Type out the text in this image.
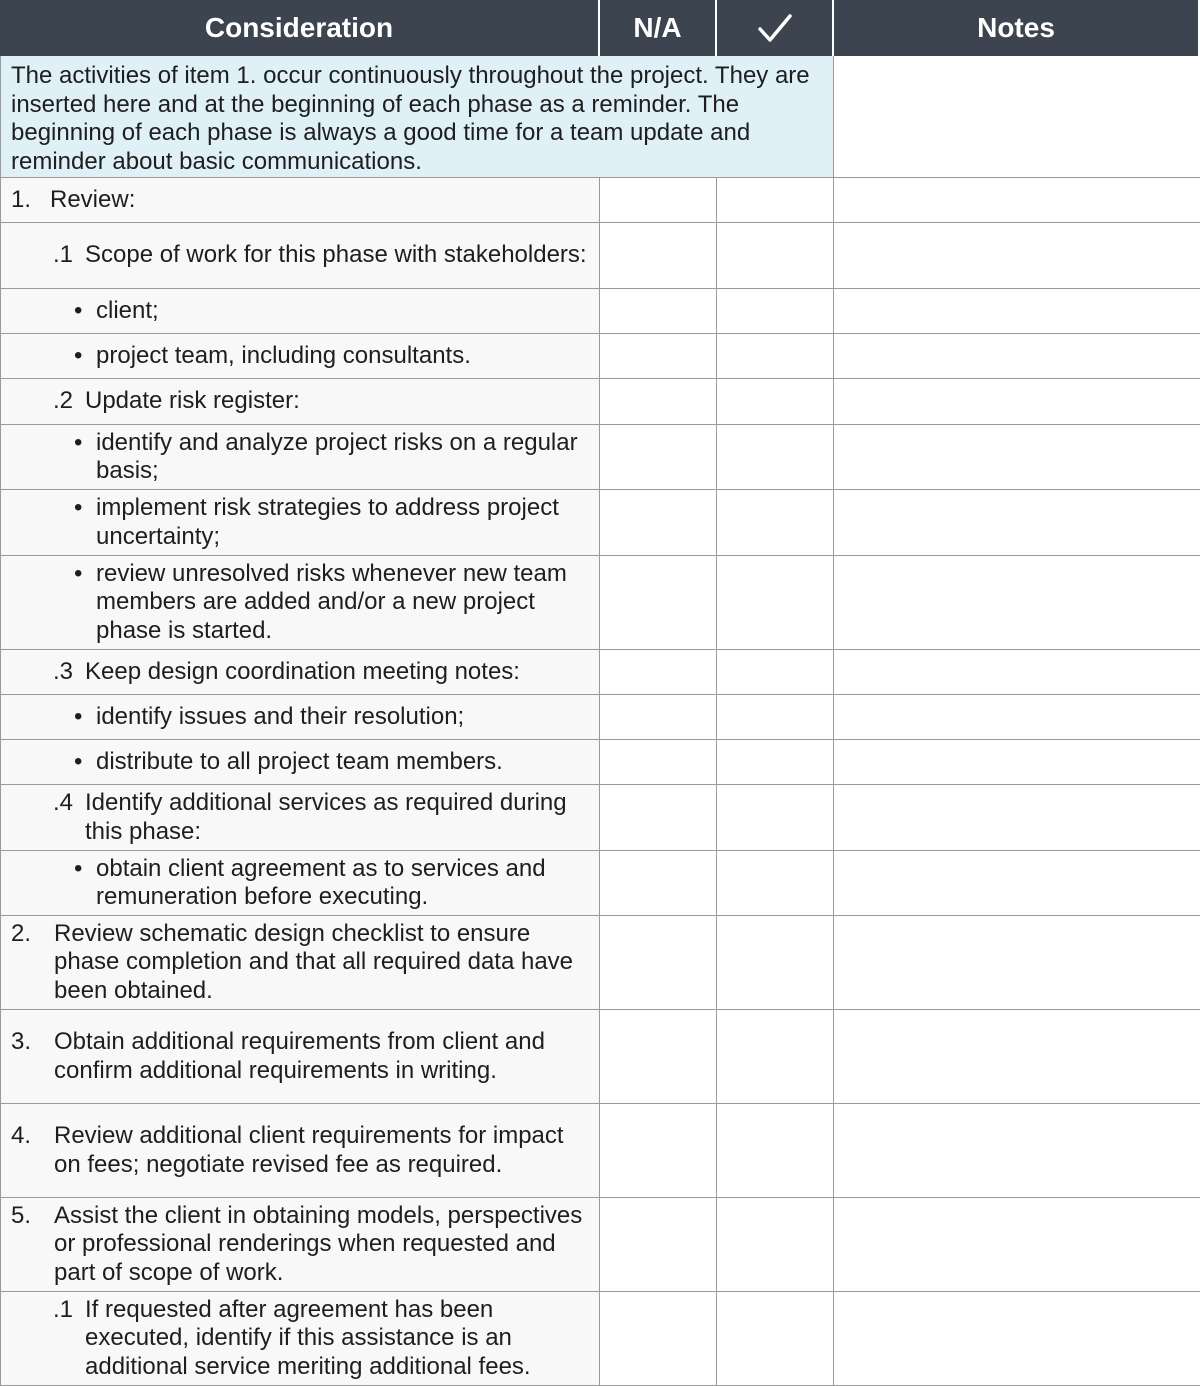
Consideration	N/A	Notes
The activities of item 1. occur continuously throughout the project. They are inserted here and at the beginning of each phase as a reminder. The beginning of each phase is always a good time for a team update and reminder about basic communications.
1. Review:
.1 Scope of work for this phase with stakeholders:
• client;
• project team, including consultants.
.2 Update risk register:
• identify and analyze project risks on a regular basis;
• implement risk strategies to address project uncertainty;
• review unresolved risks whenever new team members are added and/or a new project phase is started.
.3 Keep design coordination meeting notes:
• identify issues and their resolution;
• distribute to all project team members.
.4 Identify additional services as required during this phase:
• obtain client agreement as to services and remuneration before executing.
2. Review schematic design checklist to ensure phase completion and that all required data have been obtained.
3. Obtain additional requirements from client and confirm additional requirements in writing.
4. Review additional client requirements for impact on fees; negotiate revised fee as required.
5. Assist the client in obtaining models, perspectives or professional renderings when requested and part of scope of work.
.1 If requested after agreement has been executed, identify if this assistance is an additional service meriting additional fees.
